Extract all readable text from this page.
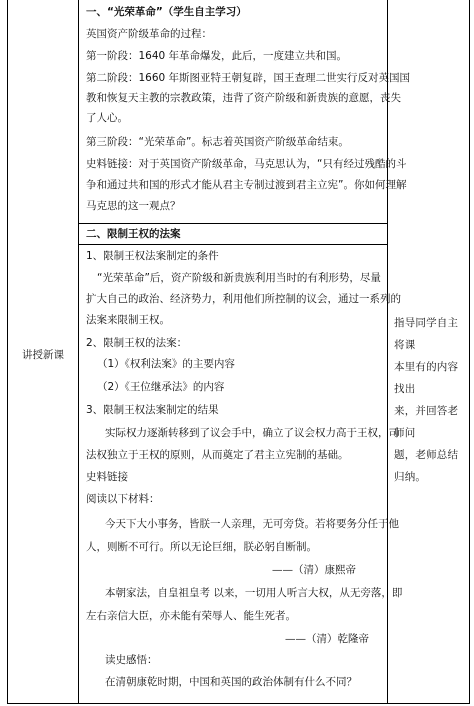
讲授新课
一、“光荣革命”（学生自主学习）
英国资产阶级革命的过程：
第一阶段：1640 年革命爆发，此后，一度建立共和国。
第二阶段：1660 年斯图亚特王朝复辟，国王查理二世实行反对英国国
教和恢复天主教的宗教政策，违背了资产阶级和新贵族的意愿，丧失
了人心。
第三阶段：“光荣革命”。标志着英国资产阶级革命结束。
史料链接：对于英国资产阶级革命，马克思认为，“只有经过残酷的斗
争和通过共和国的形式才能从君主专制过渡到君主立宪”。你如何理解
马克思的这一观点？
二、限制王权的法案
1、限制王权法案制定的条件
“光荣革命”后，资产阶级和新贵族利用当时的有利形势，尽量
扩大自己的政治、经济势力，利用他们所控制的议会，通过一系列的
法案来限制王权。
2、限制王权的法案：
（1）《权利法案》的主要内容
（2）《王位继承法》的内容
3、限制王权法案制定的结果
实际权力逐渐转移到了议会手中，确立了议会权力高于王权，司
法权独立于王权的原则，从而奠定了君主立宪制的基础。
史料链接
阅读以下材料：
今天下大小事务，皆朕一人亲理，无可旁贷。若将要务分任于他
人，则断不可行。所以无论巨细，朕必躬自断制。
——（清）康熙帝
本朝家法，自皇祖皇考 以来，一切用人听言大权，从无旁落，即
左右亲信大臣，亦未能有荣辱人、能生死者。
——（清）乾隆帝
读史感悟：
在清朝康乾时期，中国和英国的政治体制有什么不同？
指导同学自主将课
本里有的内容找出
来，并回答老师问
题，老师总结归纳。
